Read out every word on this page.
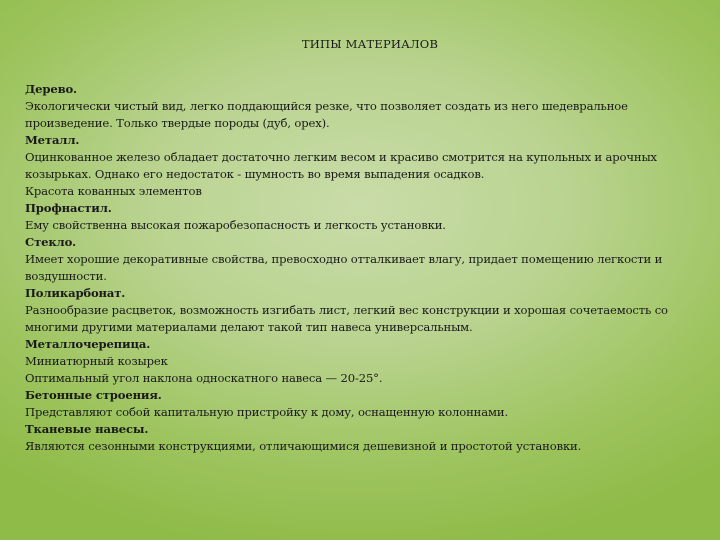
ТИПЫ МАТЕРИАЛОВ

Дерево.

Экологически чистый вид, легко поддающийся резке, что позволяет создать из него шедевральное произведение. Только твердые породы (дуб, орех).

Металл.

Оцинкованное железо обладает достаточно легким весом и красиво смотрится на купольных и арочных козырьках. Однако его недостаток - шумность во время выпадения осадков.

Красота кованных элементов

Профнастил.

Ему свойственна высокая пожаробезопасность и легкость установки.

Стекло.

Имеет хорошие декоративные свойства, превосходно отталкивает влагу, придает помещению легкости и воздушности.

Поликарбонат.

Разнообразие расцветок, возможность изгибать лист, легкий вес конструкции и хорошая сочетаемость со многими другими материалами делают такой тип навеса универсальным.

Металлочерепица.

Миниатюрный козырек

Оптимальный угол наклона односкатного навеса — 20-25°.

Бетонные строения.

Представляют собой капитальную пристройку к дому, оснащенную колоннами.

Тканевые навесы.

Являются сезонными конструкциями, отличающимися дешевизной и простотой установки.
